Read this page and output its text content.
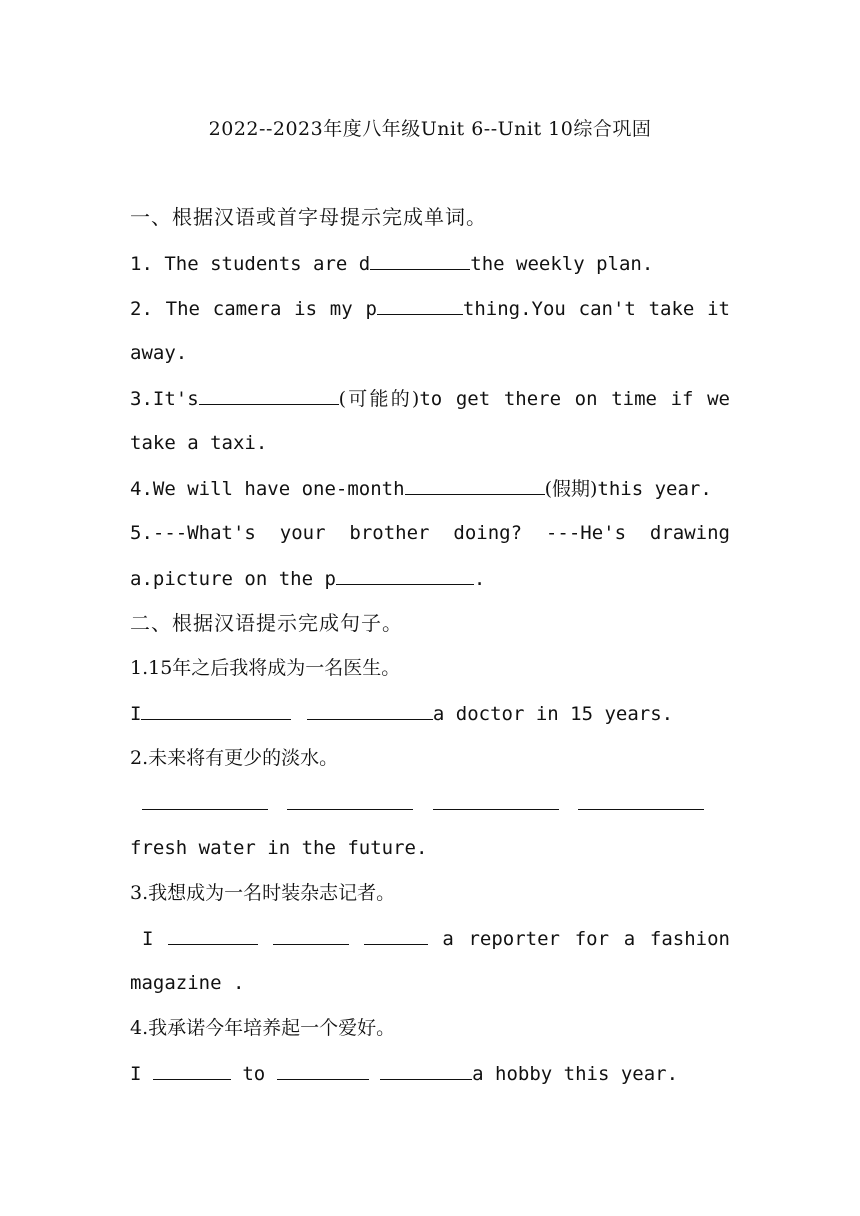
2022--2023年度八年级Unit 6--Unit 10综合巩固
一、根据汉语或首字母提示完成单词。
1. The students are d	the weekly plan.
2. The camera is my p	thing.You can't take it
away.
3.It's	(可能的)to get there on time if we
take a taxi.
4.We will have one-month	(假期)this year.
5.---What's your brother doing? ---He's drawing
a.picture on the p	.
二、根据汉语提示完成句子。
1.15年之后我将成为一名医生。
I	a doctor in 15 years.
2.未来将有更少的淡水。

fresh water in the future.
3.我想成为一名时装杂志记者。
I	a reporter for a fashion
magazine .
4.我承诺今年培养起一个爱好。
I	to	a hobby this year.
